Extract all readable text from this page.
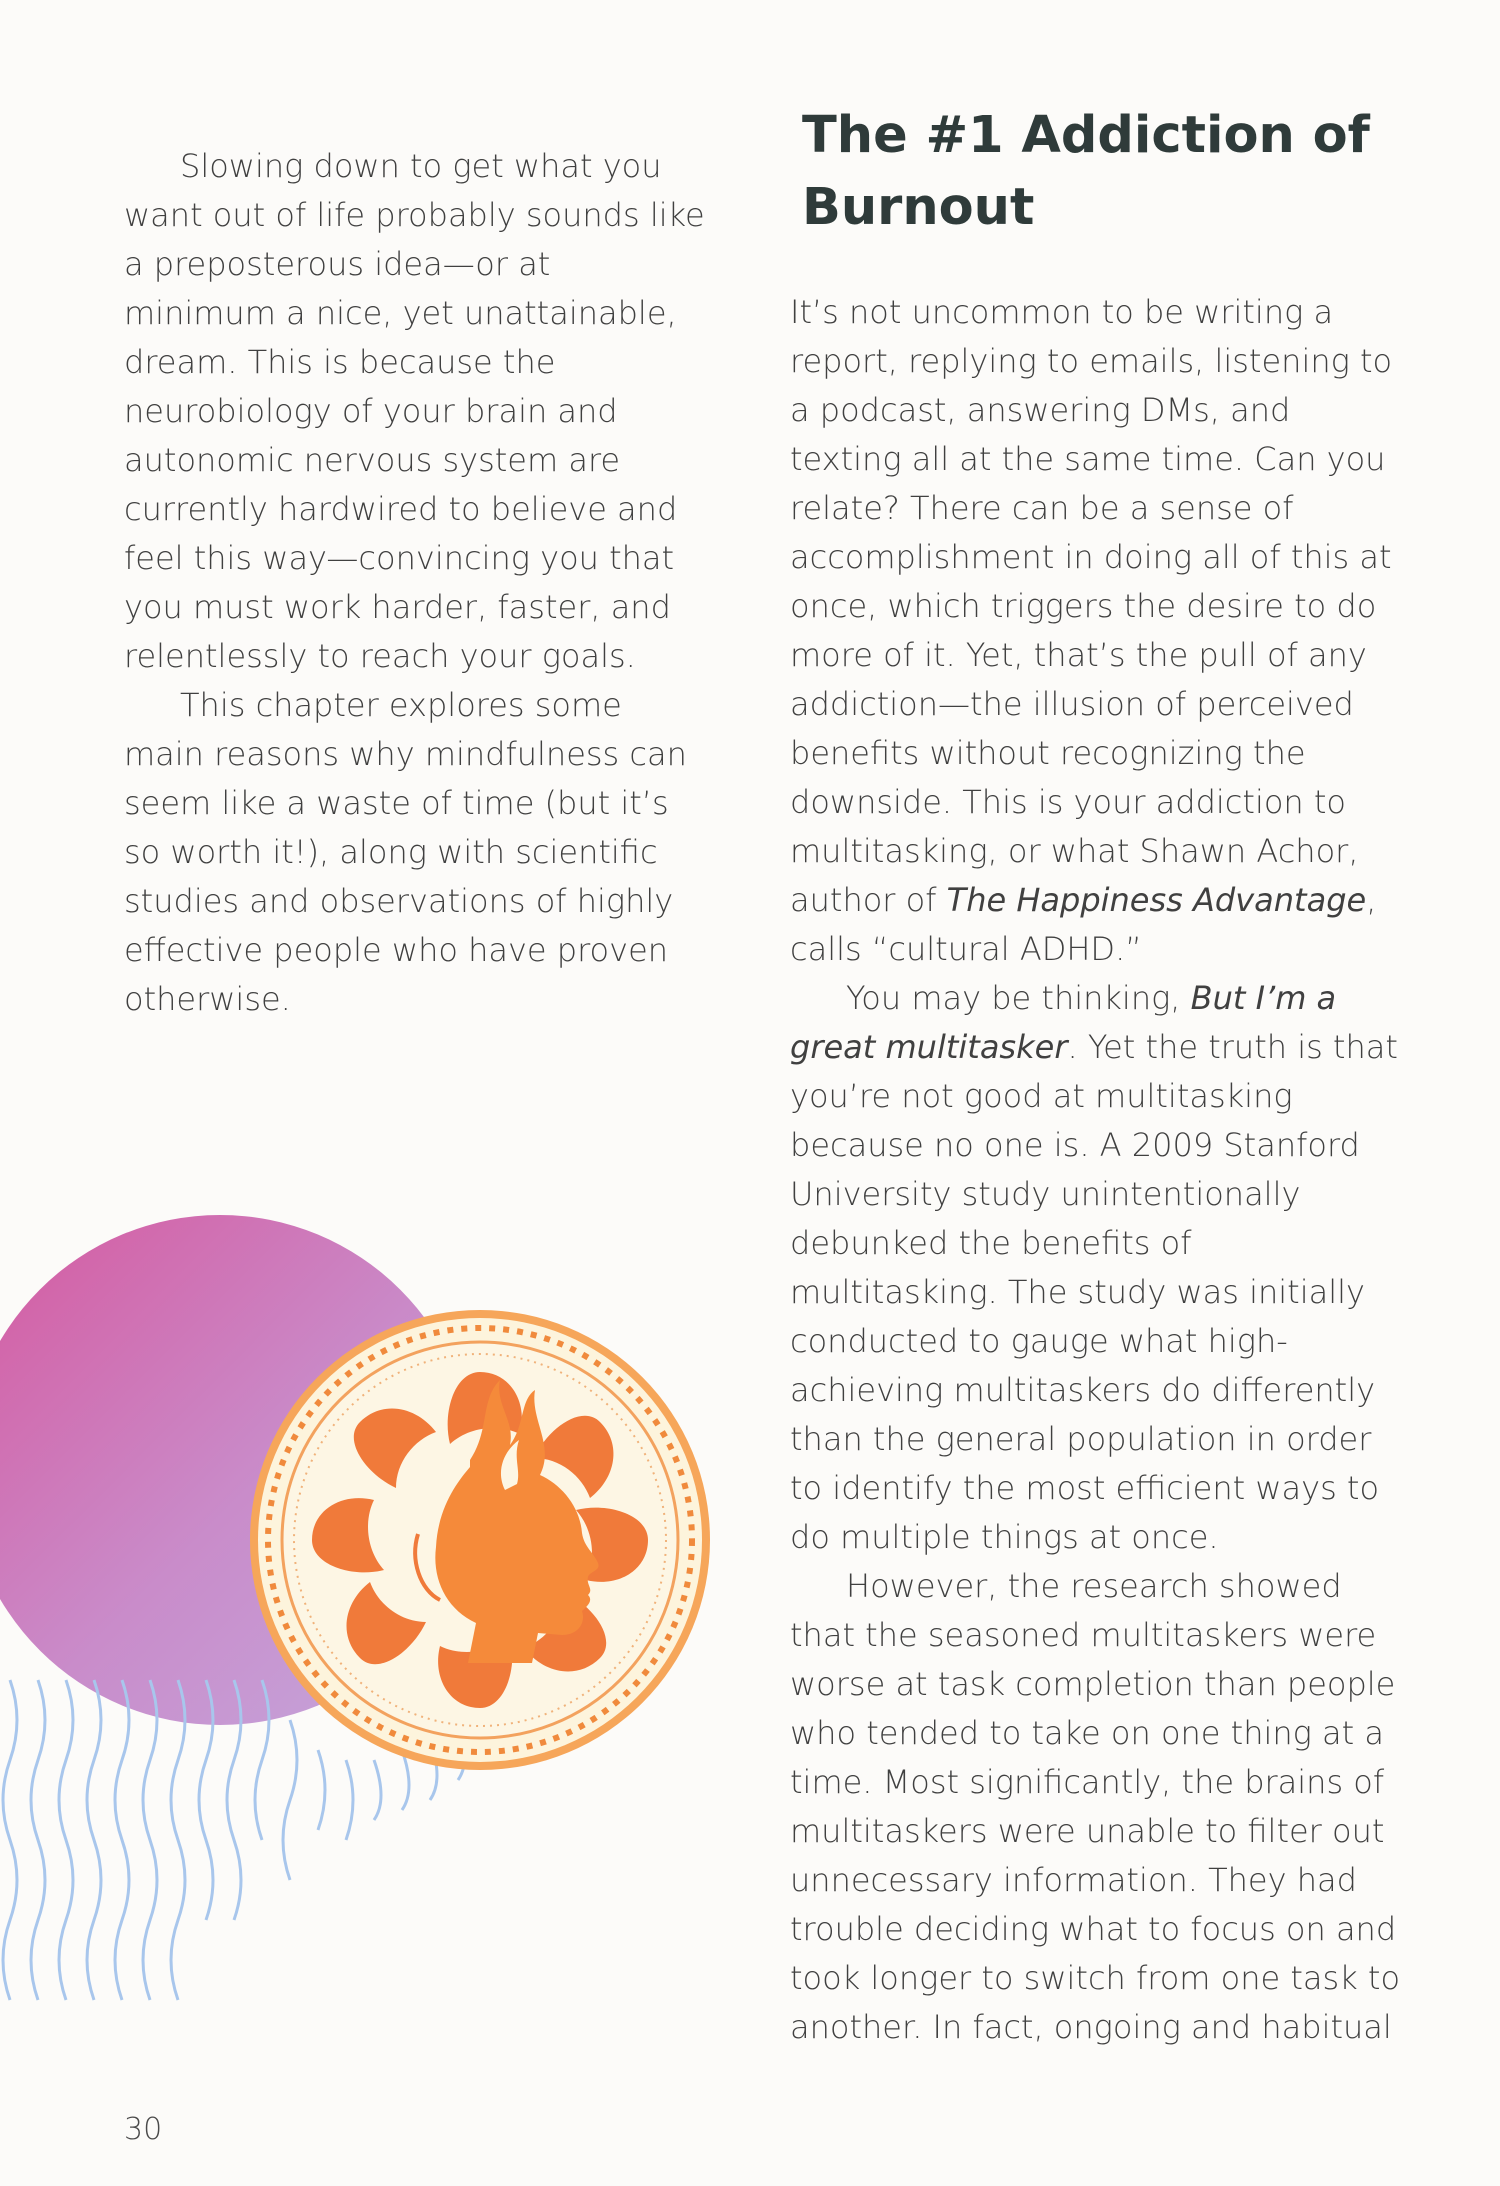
Slowing down to get what you want out of life probably sounds like a preposterous idea—or at minimum a nice, yet unattainable, dream. This is because the neurobiology of your brain and autonomic nervous system are currently hardwired to believe and feel this way—convincing you that you must work harder, faster, and relentlessly to reach your goals.

This chapter explores some main reasons why mindfulness can seem like a waste of time (but it’s so worth it!), along with scientific studies and observations of highly effective people who have proven otherwise.

The #1 Addiction of Burnout

It’s not uncommon to be writing a report, replying to emails, listening to a podcast, answering DMs, and texting all at the same time. Can you relate? There can be a sense of accomplishment in doing all of this at once, which triggers the desire to do more of it. Yet, that’s the pull of any addiction—the illusion of perceived benefits without recognizing the downside. This is your addiction to multitasking, or what Shawn Achor, author of The Happiness Advantage, calls “cultural ADHD.”

You may be thinking, But I’m a great multitasker. Yet the truth is that you’re not good at multitasking because no one is. A 2009 Stanford University study unintentionally debunked the benefits of multitasking. The study was initially conducted to gauge what high-achieving multitaskers do differently than the general population in order to identify the most efficient ways to do multiple things at once.

However, the research showed that the seasoned multitaskers were worse at task completion than people who tended to take on one thing at a time. Most significantly, the brains of multitaskers were unable to filter out unnecessary information. They had trouble deciding what to focus on and took longer to switch from one task to another. In fact, ongoing and habitual

30
